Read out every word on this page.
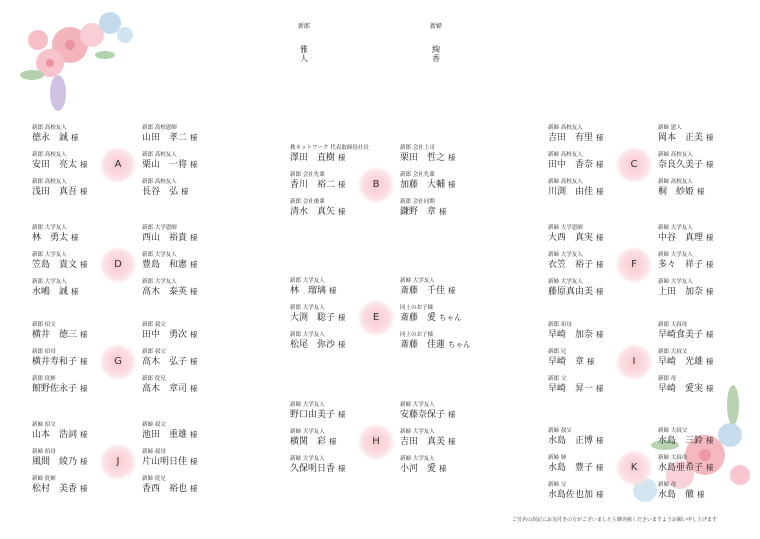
新郎
雅人
新婦
絢香
新郎 高校友人
徳永　誠 様
新郎 高校恩師
山田　孝二 様
新郎 高校友人
安田　亮太 様
新郎 高校友人
栗山　一将 様
新郎 高校友人
浅田　真吾 様
新郎 高校友人
長谷　弘 様
A
株ネットワーク 代表取締役社長
澤田　直樹 様
新郎 会社上司
栗田　哲之 様
新郎 会社先輩
香川　裕二 様
新郎 会社先輩
加藤　大輔 様
新郎 会社後輩
清水　真矢 様
新郎 会社同期
鎌野　章 様
B
新婦 高校友人
吉田　有里 様
新婦 恩人
岡本　正美 様
新婦 高校友人
田中　香奈 様
新婦 高校友人
奈良久美子 様
新婦 高校友人
川渕　由佳 様
新婦 高校友人
桐　紗姫 様
C
新郎 大学友人
林　勇太 様
新郎 大学恩師
西山　裕貴 様
新郎 大学友人
笠島　貴文 様
新郎 大学友人
豊島　和憲 様
新郎 大学友人
水嶋　誠 様
新郎 大学友人
高木　泰英 様
D
新郎 大学友人
林　瑠璃 様
新婦 大学友人
斎藤　千佳 様
新郎 大学友人
大渕　聡子 様
同上のお子様
斎藤　愛 ちゃん
新郎 大学友人
松尾　弥沙 様
同上のお子様
斎藤　佳蓮 ちゃん
E
新婦 大学恩師
大西　真実 様
新婦 大学友人
中谷　真理 様
新婦 大学友人
衣笠　裕子 様
新婦 大学友人
多々　祥子 様
新婦 大学友人
藤原真由美 様
新婦 大学友人
上田　加奈 様
F
新郎 伯父
横井　徳三 様
新郎 叔父
田中　勇次 様
新郎 伯母
横井寿和子 様
新郎 叔父
高木　弘子 様
新郎 従姉
館野佐永子 様
新郎 従兄
高木　章司 様
G
新婦 大学友人
野口由美子 様
新婦 大学友人
安藤奈保子 様
新婦 大学友人
横関　彩 様
新婦 大学友人
吉田　真美 様
新婦 大学友人
久保明日香 様
新婦 大学友人
小河　愛 様
H
新郎 祖母
早崎　加奈 様
新郎 大叔母
早崎食美子 様
新郎 兄
早崎　章 様
新郎 大叔父
早崎　光雄 様
新郎 父
早崎　昇一 様
新郎 母
早崎　愛実 様
I
新婦 伯父
山本　浩詞 様
新婦 叔父
池田　重雄 様
新婦 伯母
風間　綾乃 様
新婦 叔母
片山明日佳 様
新婦 従姉
松村　美香 様
新婦 従兄
香西　裕也 様
J
新婦 叔父
水島　正博 様
新婦 大叔父
水島　三鈴 様
新婦 姉
水島　豊子 様
新婦 大叔母
水島亜希子 様
新婦 父
水島佐也加 様
新婦 母
水島　徹 様
K
ご芳名の誤記にお気付きの方がございましたら御容赦くださいますようお願い申し上げます
